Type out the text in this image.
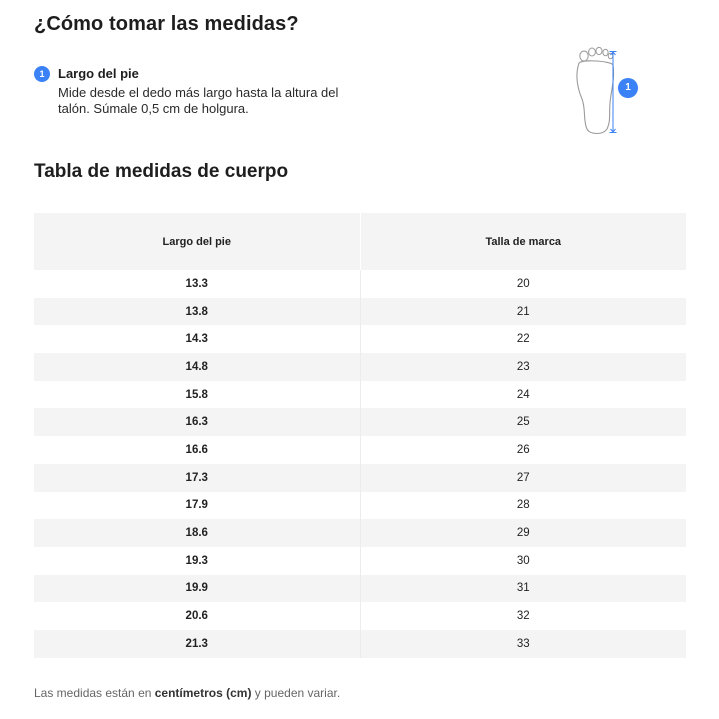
¿Cómo tomar las medidas?
1	Largo del pie
Mide desde el dedo más largo hasta la altura del talón. Súmale 0,5 cm de holgura.
1
Tabla de medidas de cuerpo
Largo del pie	Talla de marca
13.3	20
13.8	21
14.3	22
14.8	23
15.8	24
16.3	25
16.6	26
17.3	27
17.9	28
18.6	29
19.3	30
19.9	31
20.6	32
21.3	33
Las medidas están en centímetros (cm) y pueden variar.
